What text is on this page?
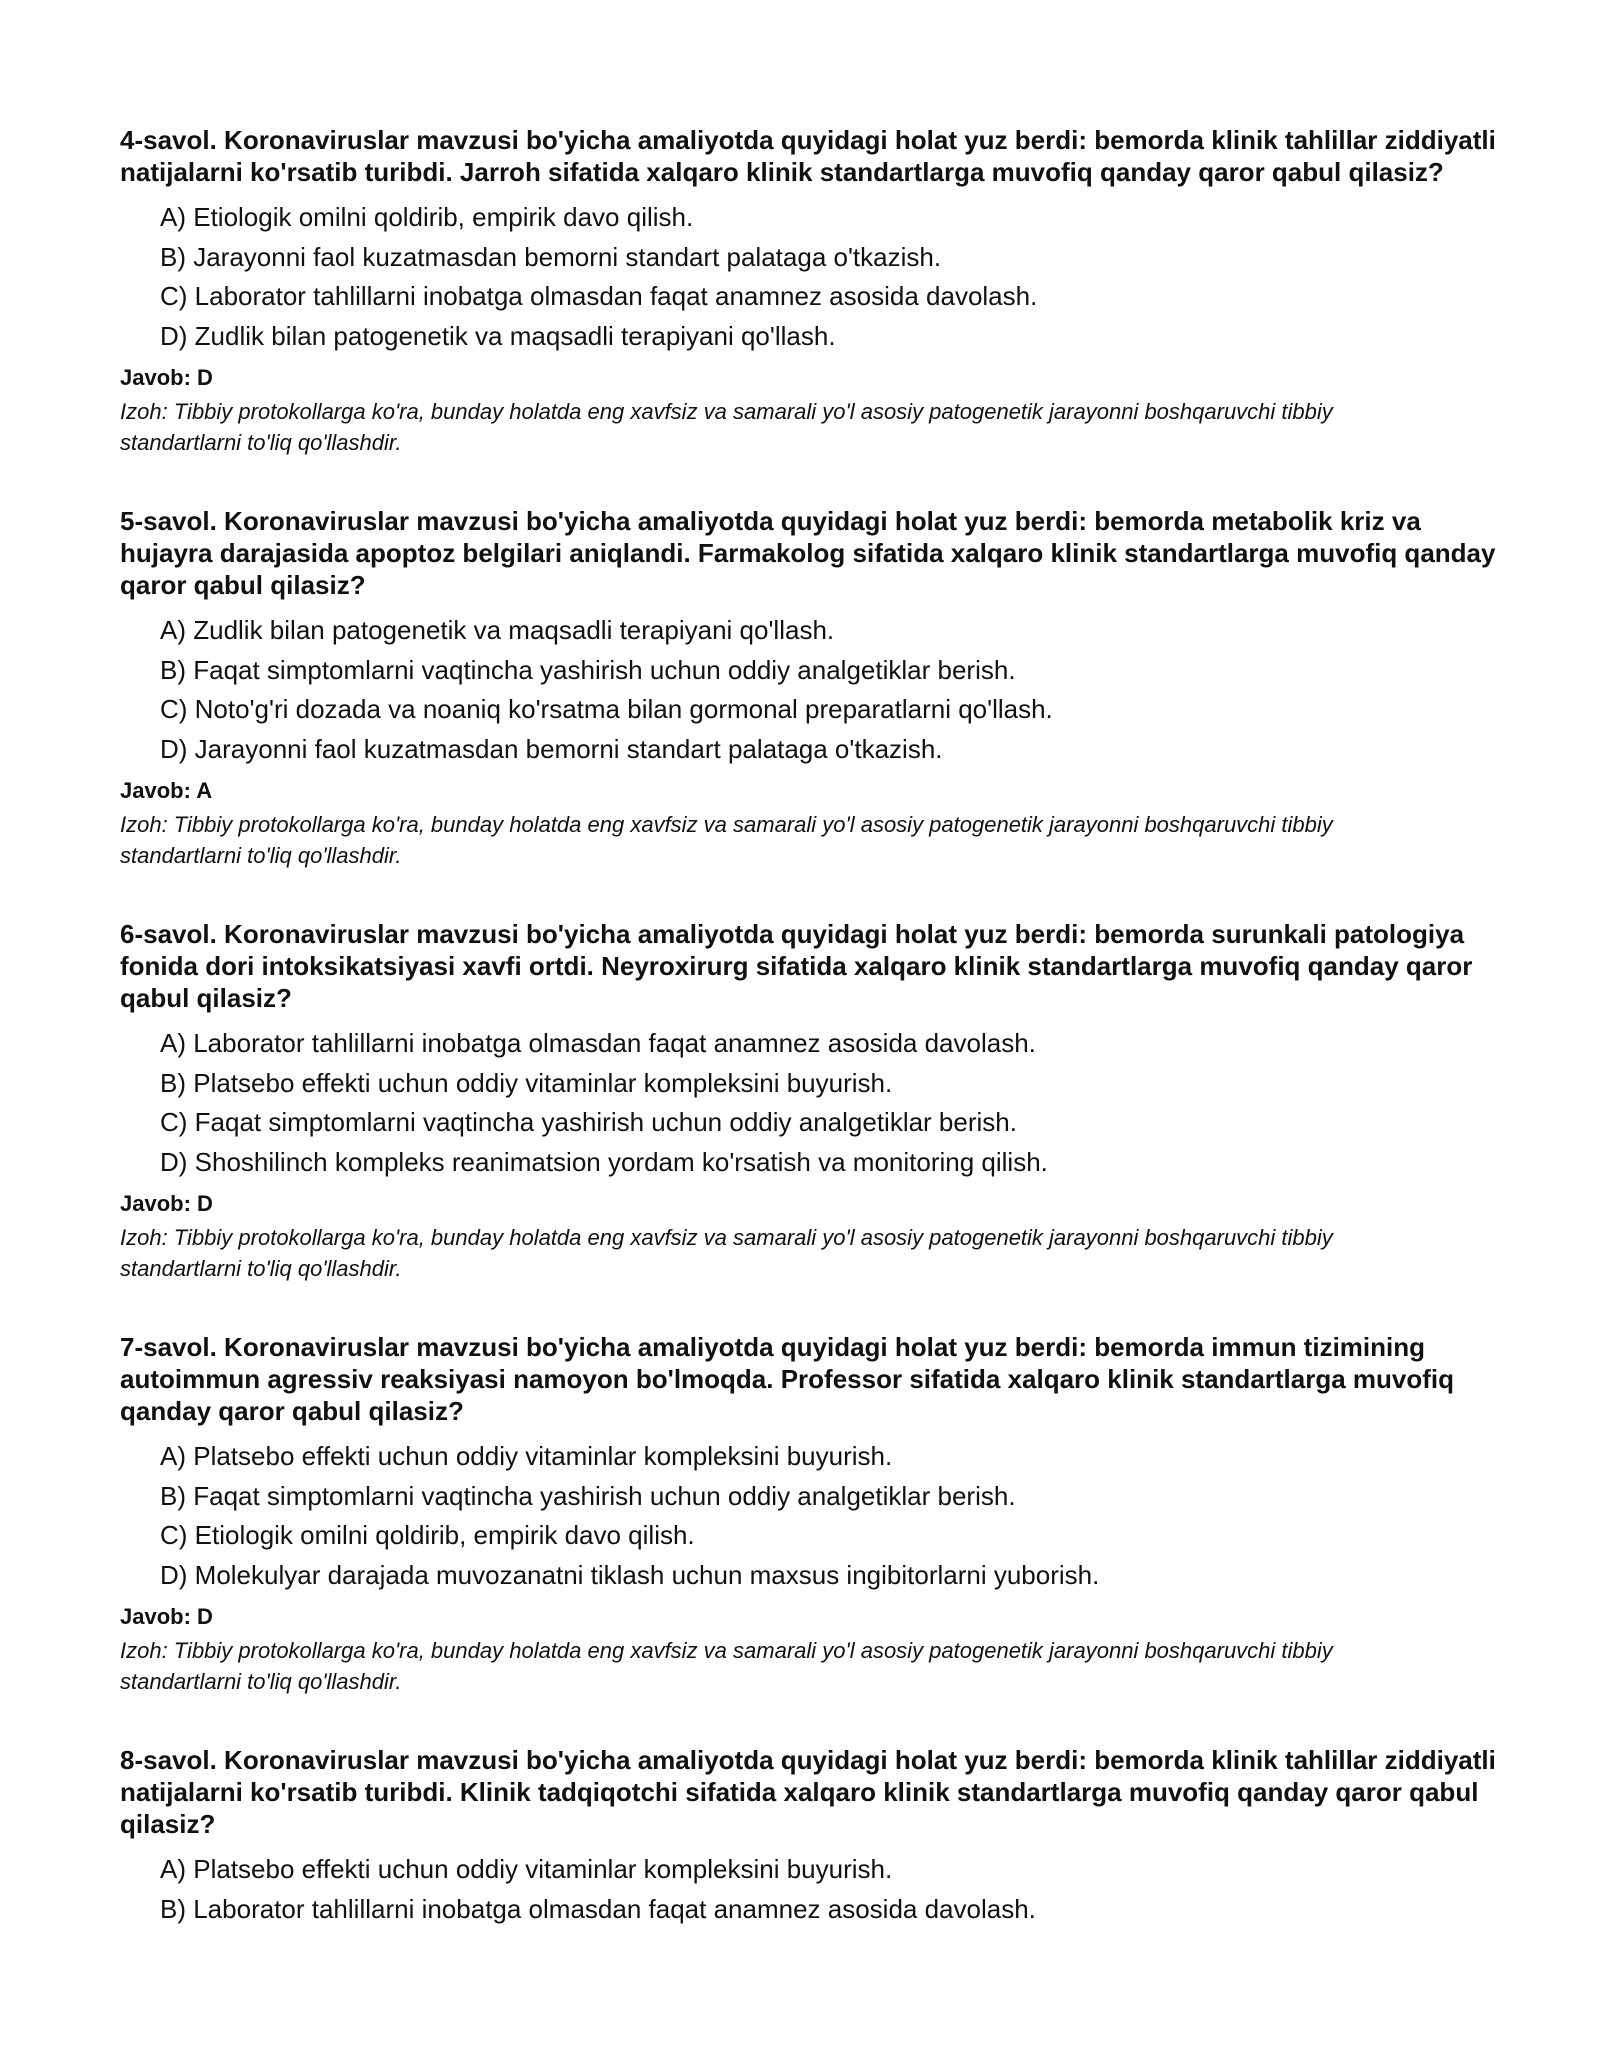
4-savol. Koronaviruslar mavzusi bo'yicha amaliyotda quyidagi holat yuz berdi: bemorda klinik tahlillar ziddiyatli natijalarni ko'rsatib turibdi. Jarroh sifatida xalqaro klinik standartlarga muvofiq qanday qaror qabul qilasiz?

A) Etiologik omilni qoldirib, empirik davo qilish.
B) Jarayonni faol kuzatmasdan bemorni standart palataga o'tkazish.
C) Laborator tahlillarni inobatga olmasdan faqat anamnez asosida davolash.
D) Zudlik bilan patogenetik va maqsadli terapiyani qo'llash.
Javob: D
Izoh: Tibbiy protokollarga ko'ra, bunday holatda eng xavfsiz va samarali yo'l asosiy patogenetik jarayonni boshqaruvchi tibbiy standartlarni to'liq qo'llashdir.

5-savol. Koronaviruslar mavzusi bo'yicha amaliyotda quyidagi holat yuz berdi: bemorda metabolik kriz va hujayra darajasida apoptoz belgilari aniqlandi. Farmakolog sifatida xalqaro klinik standartlarga muvofiq qanday qaror qabul qilasiz?

A) Zudlik bilan patogenetik va maqsadli terapiyani qo'llash.
B) Faqat simptomlarni vaqtincha yashirish uchun oddiy analgetiklar berish.
C) Noto'g'ri dozada va noaniq ko'rsatma bilan gormonal preparatlarni qo'llash.
D) Jarayonni faol kuzatmasdan bemorni standart palataga o'tkazish.
Javob: A
Izoh: Tibbiy protokollarga ko'ra, bunday holatda eng xavfsiz va samarali yo'l asosiy patogenetik jarayonni boshqaruvchi tibbiy standartlarni to'liq qo'llashdir.

6-savol. Koronaviruslar mavzusi bo'yicha amaliyotda quyidagi holat yuz berdi: bemorda surunkali patologiya fonida dori intoksikatsiyasi xavfi ortdi. Neyroxirurg sifatida xalqaro klinik standartlarga muvofiq qanday qaror qabul qilasiz?

A) Laborator tahlillarni inobatga olmasdan faqat anamnez asosida davolash.
B) Platsebo effekti uchun oddiy vitaminlar kompleksini buyurish.
C) Faqat simptomlarni vaqtincha yashirish uchun oddiy analgetiklar berish.
D) Shoshilinch kompleks reanimatsion yordam ko'rsatish va monitoring qilish.
Javob: D
Izoh: Tibbiy protokollarga ko'ra, bunday holatda eng xavfsiz va samarali yo'l asosiy patogenetik jarayonni boshqaruvchi tibbiy standartlarni to'liq qo'llashdir.

7-savol. Koronaviruslar mavzusi bo'yicha amaliyotda quyidagi holat yuz berdi: bemorda immun tizimining autoimmun agressiv reaksiyasi namoyon bo'lmoqda. Professor sifatida xalqaro klinik standartlarga muvofiq qanday qaror qabul qilasiz?

A) Platsebo effekti uchun oddiy vitaminlar kompleksini buyurish.
B) Faqat simptomlarni vaqtincha yashirish uchun oddiy analgetiklar berish.
C) Etiologik omilni qoldirib, empirik davo qilish.
D) Molekulyar darajada muvozanatni tiklash uchun maxsus ingibitorlarni yuborish.
Javob: D
Izoh: Tibbiy protokollarga ko'ra, bunday holatda eng xavfsiz va samarali yo'l asosiy patogenetik jarayonni boshqaruvchi tibbiy standartlarni to'liq qo'llashdir.

8-savol. Koronaviruslar mavzusi bo'yicha amaliyotda quyidagi holat yuz berdi: bemorda klinik tahlillar ziddiyatli natijalarni ko'rsatib turibdi. Klinik tadqiqotchi sifatida xalqaro klinik standartlarga muvofiq qanday qaror qabul qilasiz?

A) Platsebo effekti uchun oddiy vitaminlar kompleksini buyurish.
B) Laborator tahlillarni inobatga olmasdan faqat anamnez asosida davolash.
